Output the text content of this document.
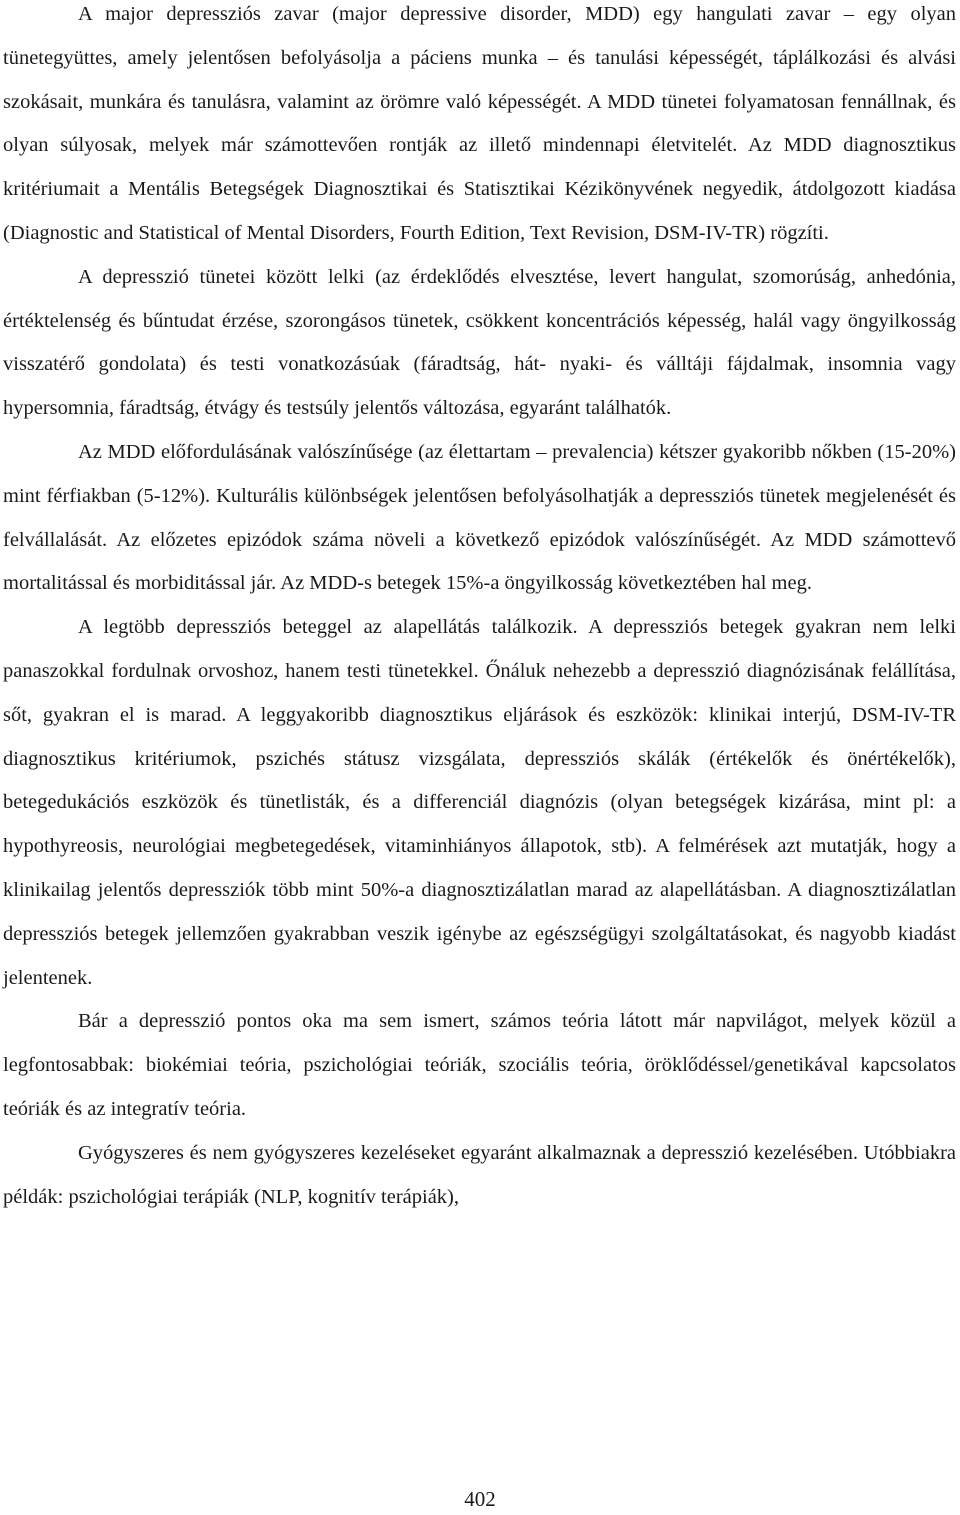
A major depressziós zavar (major depressive disorder, MDD) egy hangulati zavar – egy olyan tünetegyüttes, amely jelentősen befolyásolja a páciens munka – és tanulási képességét, táplálkozási és alvási szokásait, munkára és tanulásra, valamint az örömre való képességét. A MDD tünetei folyamatosan fennállnak, és olyan súlyosak, melyek már számottevően rontják az illető mindennapi életvitelét. Az MDD diagnosztikus kritériumait a Mentális Betegségek Diagnosztikai és Statisztikai Kézikönyvének negyedik, átdolgozott kiadása (Diagnostic and Statistical of Mental Disorders, Fourth Edition, Text Revision, DSM-IV-TR) rögzíti.

A depresszió tünetei között lelki (az érdeklődés elvesztése, levert hangulat, szomorúság, anhedónia, értéktelenség és bűntudat érzése, szorongásos tünetek, csökkent koncentrációs képesség, halál vagy öngyilkosság visszatérő gondolata) és testi vonatkozásúak (fáradtság, hát- nyaki- és válltáji fájdalmak, insomnia vagy hypersomnia, fáradtság, étvágy és testsúly jelentős változása, egyaránt találhatók.

Az MDD előfordulásának valószínűsége (az élettartam – prevalencia) kétszer gyakoribb nőkben (15-20%) mint férfiakban (5-12%). Kulturális különbségek jelentősen befolyásolhatják a depressziós tünetek megjelenését és felvállalását. Az előzetes epizódok száma növeli a következő epizódok valószínűségét. Az MDD számottevő mortalitással és morbiditással jár. Az MDD-s betegek 15%-a öngyilkosság következtében hal meg.

A legtöbb depressziós beteggel az alapellátás találkozik. A depressziós betegek gyakran nem lelki panaszokkal fordulnak orvoshoz, hanem testi tünetekkel. Őnáluk nehezebb a depresszió diagnózisának felállítása, sőt, gyakran el is marad. A leggyakoribb diagnosztikus eljárások és eszközök: klinikai interjú, DSM-IV-TR diagnosztikus kritériumok, pszichés státusz vizsgálata, depressziós skálák (értékelők és önértékelők), betegedukációs eszközök és tünetlisták, és a differenciál diagnózis (olyan betegségek kizárása, mint pl: a hypothyreosis, neurológiai megbetegedések, vitaminhiányos állapotok, stb). A felmérések azt mutatják, hogy a klinikailag jelentős depressziók több mint 50%-a diagnosztizálatlan marad az alapellátásban. A diagnosztizálatlan depressziós betegek jellemzően gyakrabban veszik igénybe az egészségügyi szolgáltatásokat, és nagyobb kiadást jelentenek.

Bár a depresszió pontos oka ma sem ismert, számos teória látott már napvilágot, melyek közül a legfontosabbak: biokémiai teória, pszichológiai teóriák, szociális teória, öröklődéssel/genetikával kapcsolatos teóriák és az integratív teória.

Gyógyszeres és nem gyógyszeres kezeléseket egyaránt alkalmaznak a depresszió kezelésében. Utóbbiakra példák: pszichológiai terápiák (NLP, kognitív terápiák),

402
